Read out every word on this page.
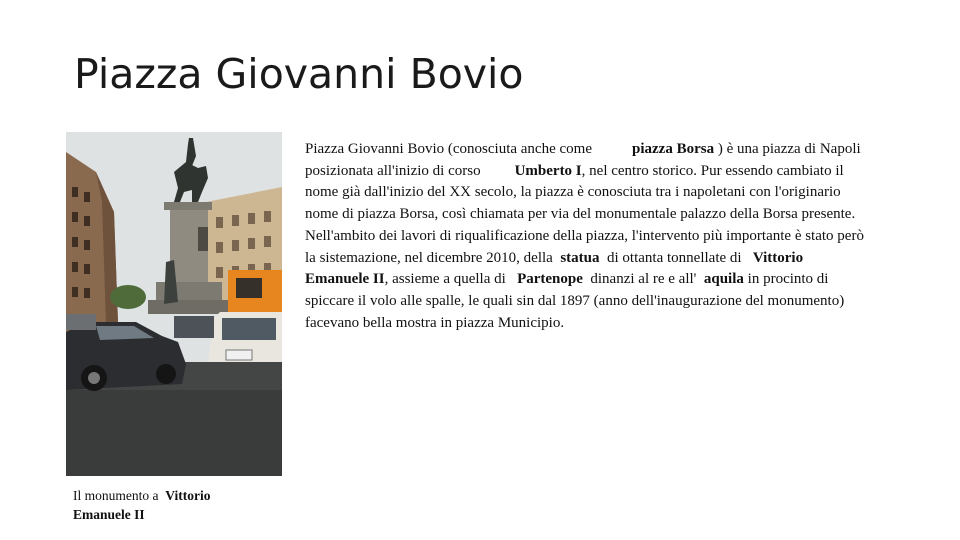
Piazza Giovanni Bovio
Il monumento a Vittorio
Emanuele II
Piazza Giovanni Bovio (conosciuta anche come	piazza Borsa ) è una piazza di Napoli posizionata all'inizio di corso Umberto I, nel centro storico. Pur essendo cambiato il nome già dall'inizio del XX secolo, la piazza è conosciuta tra i napoletani con l'originario nome di piazza Borsa, così chiamata per via del monumentale palazzo della Borsa presente. Nell'ambito dei lavori di riqualificazione della piazza, l'intervento più importante è stato però la sistemazione, nel dicembre 2010, della statua di ottanta tonnellate di Vittorio Emanuele II, assieme a quella di Partenope dinanzi al re e all' aquila in procinto di spiccare il volo alle spalle, le quali sin dal 1897 (anno dell'inaugurazione del monumento) facevano bella mostra in piazza Municipio.
